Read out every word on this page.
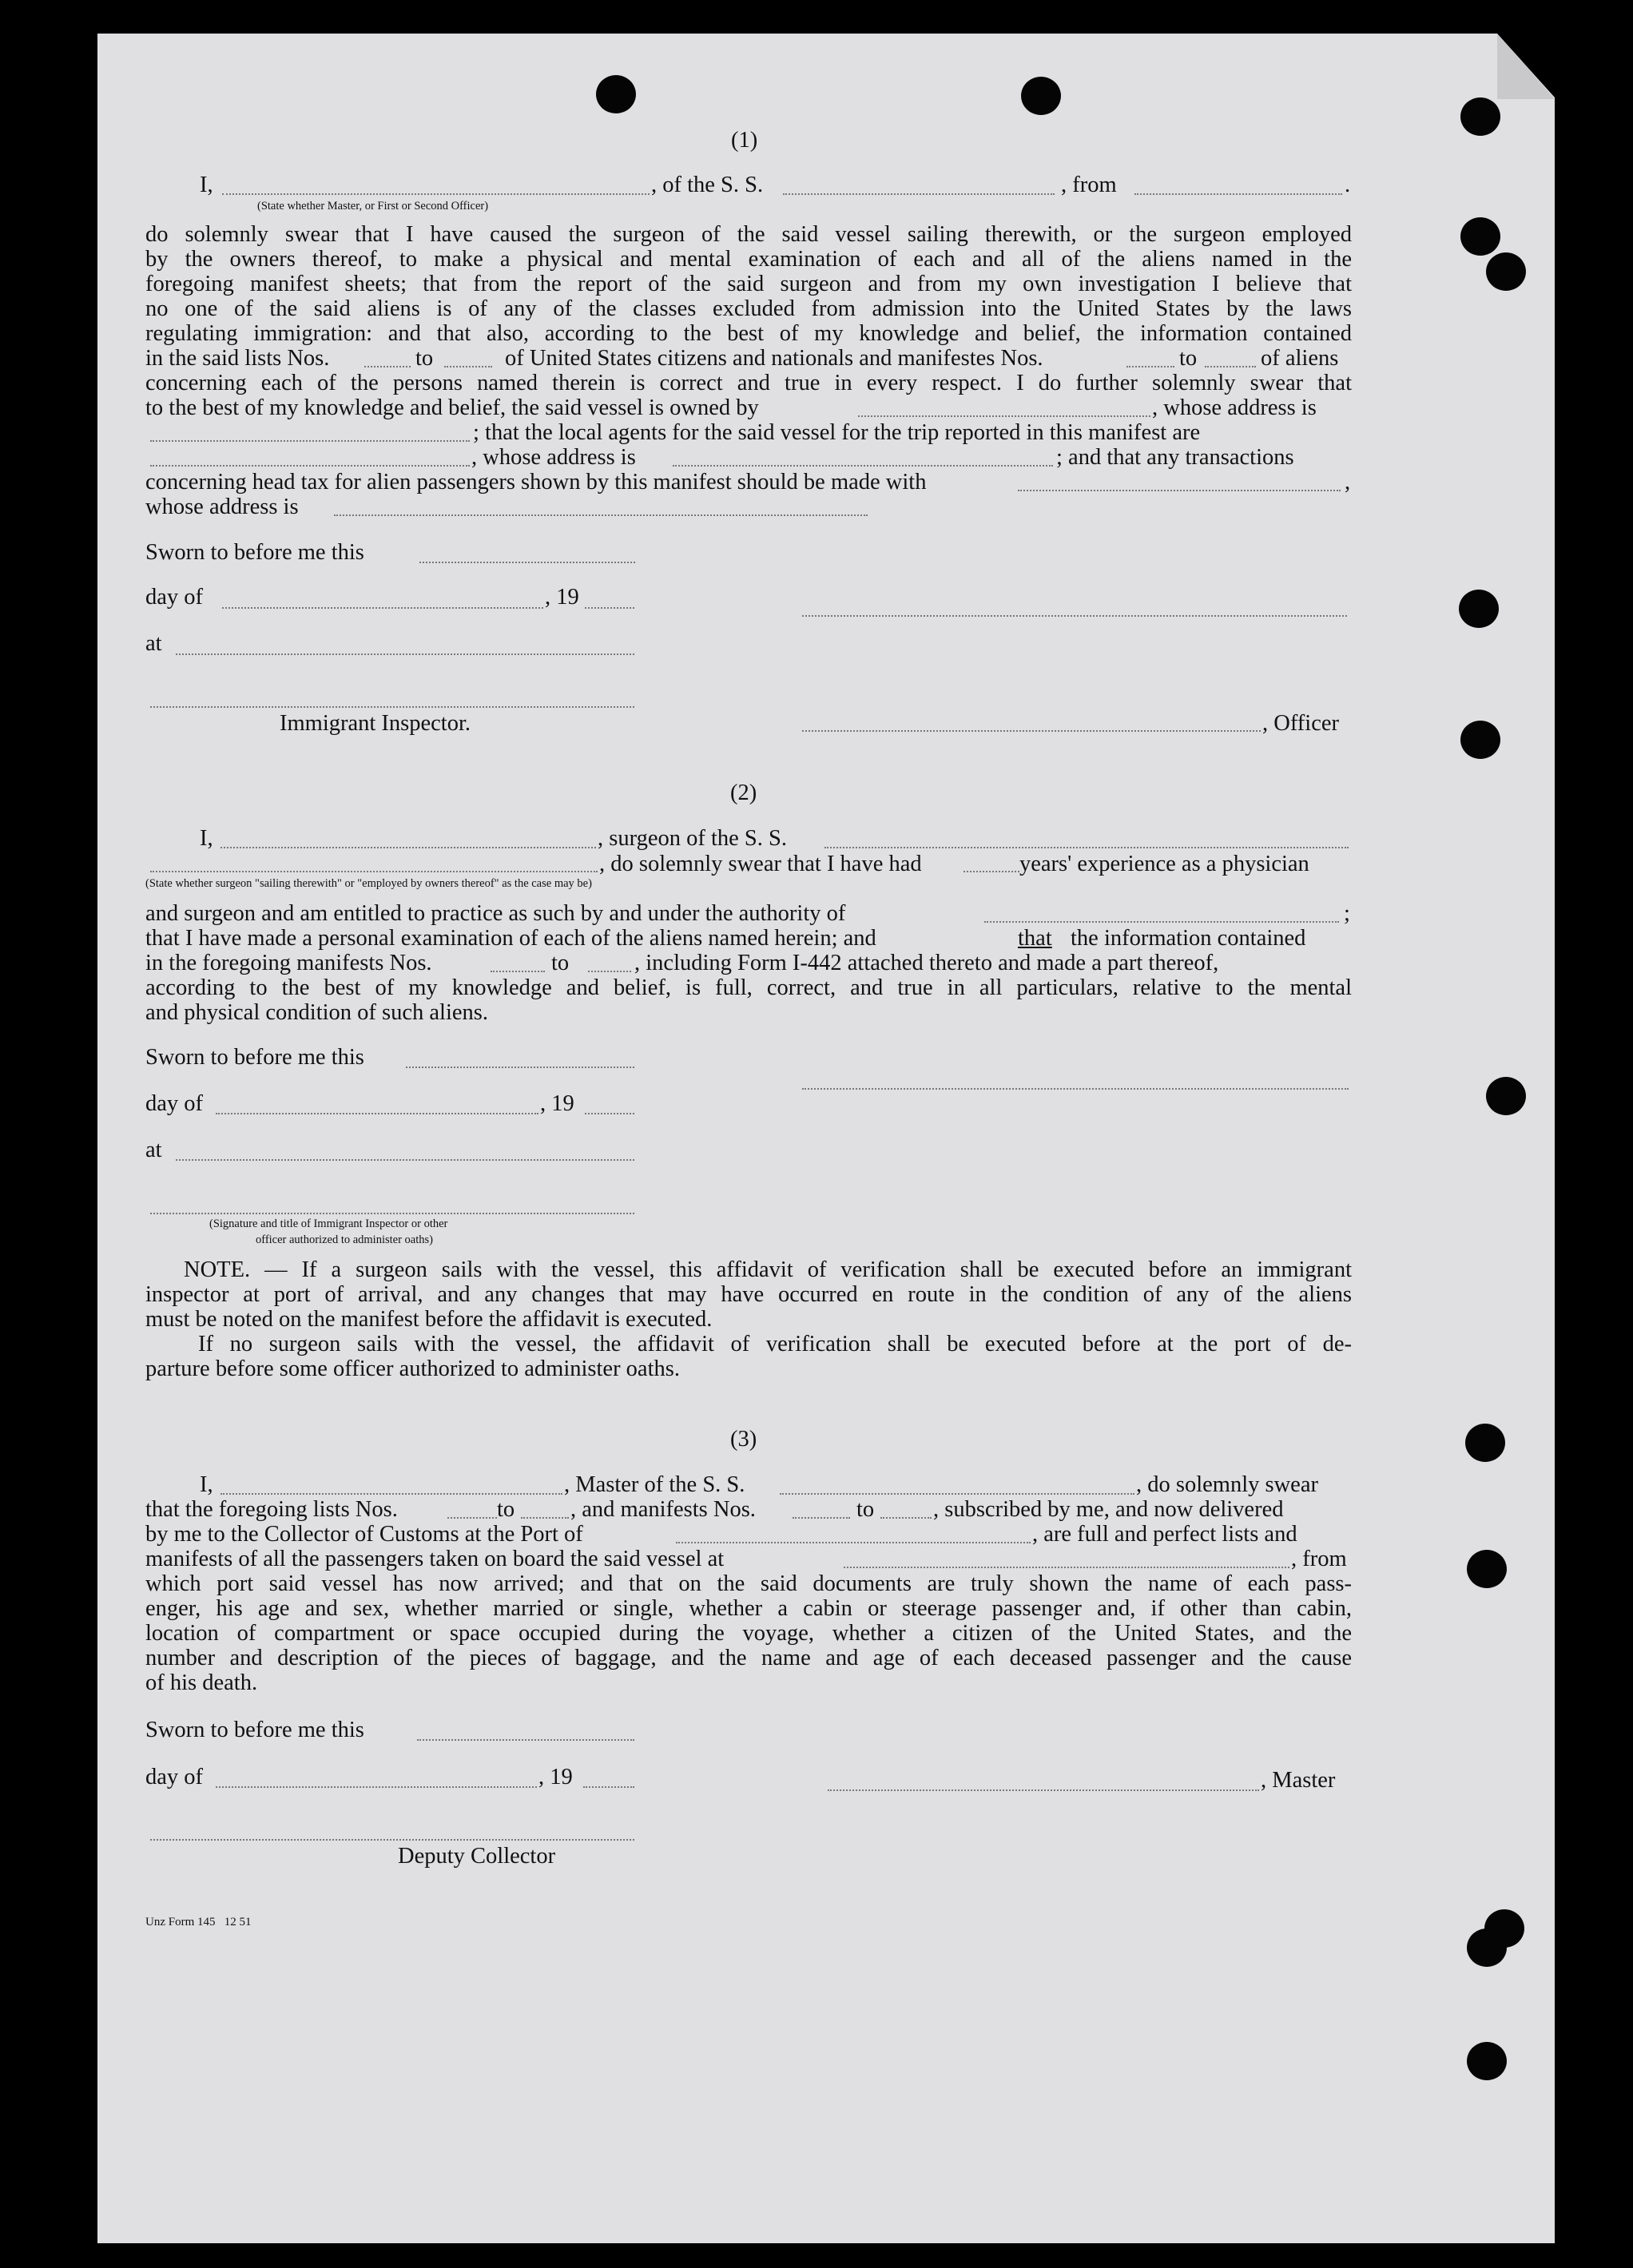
(1)
I,	, of the S. S.	, from	.
(State whether Master, or First or Second Officer)
do solemnly swear that I have caused the surgeon of the said vessel sailing therewith, or the surgeon employed
by the owners thereof, to make a physical and mental examination of each and all of the aliens named in the
foregoing manifest sheets; that from the report of the said surgeon and from my own investigation I believe that
no one of the said aliens is of any of the classes excluded from admission into the United States by the laws
regulating immigration: and that also, according to the best of my knowledge and belief, the information contained
in the said lists Nos.	to	of United States citizens and nationals and manifestes Nos.	to	of aliens
concerning each of the persons named therein is correct and true in every respect. I do further solemnly swear that
to the best of my knowledge and belief, the said vessel is owned by	, whose address is
; that the local agents for the said vessel for the trip reported in this manifest are
, whose address is	; and that any transactions
concerning head tax for alien passengers shown by this manifest should be made with	,
whose address is
Sworn to before me this
day of	, 19
at
Immigrant Inspector.	, Officer
(2)
I,	, surgeon of the S. S.
, do solemnly swear that I have had	years' experience as a physician
(State whether surgeon "sailing therewith" or "employed by owners thereof" as the case may be)
and surgeon and am entitled to practice as such by and under the authority of	;
that I have made a personal examination of each of the aliens named herein; and	that the information contained
in the foregoing manifests Nos.	to	, including Form I-442 attached thereto and made a part thereof,
according to the best of my knowledge and belief, is full, correct, and true in all particulars, relative to the mental
and physical condition of such aliens.
Sworn to before me this
day of	, 19
at
(Signature and title of Immigrant Inspector or other
officer authorized to administer oaths)
NOTE. — If a surgeon sails with the vessel, this affidavit of verification shall be executed before an immigrant
inspector at port of arrival, and any changes that may have occurred en route in the condition of any of the aliens
must be noted on the manifest before the affidavit is executed.
If no surgeon sails with the vessel, the affidavit of verification shall be executed before at the port of de-
parture before some officer authorized to administer oaths.
(3)
I,	, Master of the S. S.	, do solemnly swear
that the foregoing lists Nos.	to , and manifests Nos.	to	, subscribed by me, and now delivered
by me to the Collector of Customs at the Port of	, are full and perfect lists and
manifests of all the passengers taken on board the said vessel at	, from
which port said vessel has now arrived; and that on the said documents are truly shown the name of each pass-
enger, his age and sex, whether married or single, whether a cabin or steerage passenger and, if other than cabin,
location of compartment or space occupied during the voyage, whether a citizen of the United States, and the
number and description of the pieces of baggage, and the name and age of each deceased passenger and the cause
of his death.
Sworn to before me this
day of	, 19	, Master
Deputy Collector
Unz Form 145   12 51
